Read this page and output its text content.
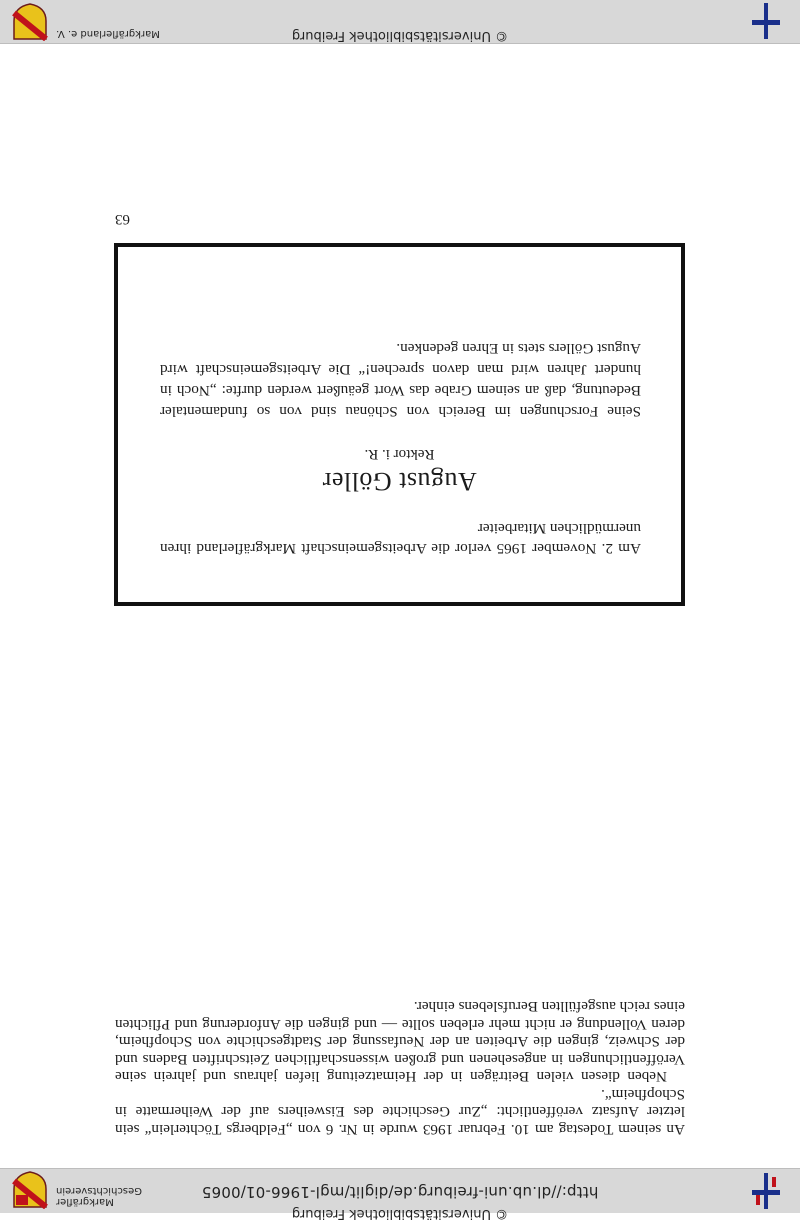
© Universitätsbibliothek Freiburg
http://dl.ub.uni-freiburg.de/diglit/mgl-1966-01/0065
Markgräfler
Geschichtsverein

An seinem Todestag am 10. Februar 1963 wurde in Nr. 6 von „Feldbergs Töchterlein“ sein letzter Aufsatz veröffentlicht: „Zur Geschichte des Eisweihers auf der Weihermatte in Schopfheim“.

Neben diesen vielen Beiträgen in der Heimatzeitung liefen jahraus und jahrein seine Veröffentlichungen in angesehenen und großen wissenschaftlichen Zeitschriften Badens und der Schweiz, gingen die Arbeiten an der Neufassung der Stadtgeschichte von Schopfheim, deren Vollendung er nicht mehr erleben sollte — und gingen die Anforderung und Pflichten eines reich ausgefüllten Berufslebens einher.

Am 2. November 1965 verlor die Arbeitsgemeinschaft Markgräflerland ihren unermüdlichen Mitarbeiter
August Göller
Rektor i. R.
Seine Forschungen im Bereich von Schönau sind von so fundamentaler Bedeutung, daß an seinem Grabe das Wort geäußert werden durfte: „Noch in hundert Jahren wird man davon sprechen!“ Die Arbeitsgemeinschaft wird August Göllers stets in Ehren gedenken.
63
© Universitätsbibliothek Freiburg
Markgräflerland e. V.
